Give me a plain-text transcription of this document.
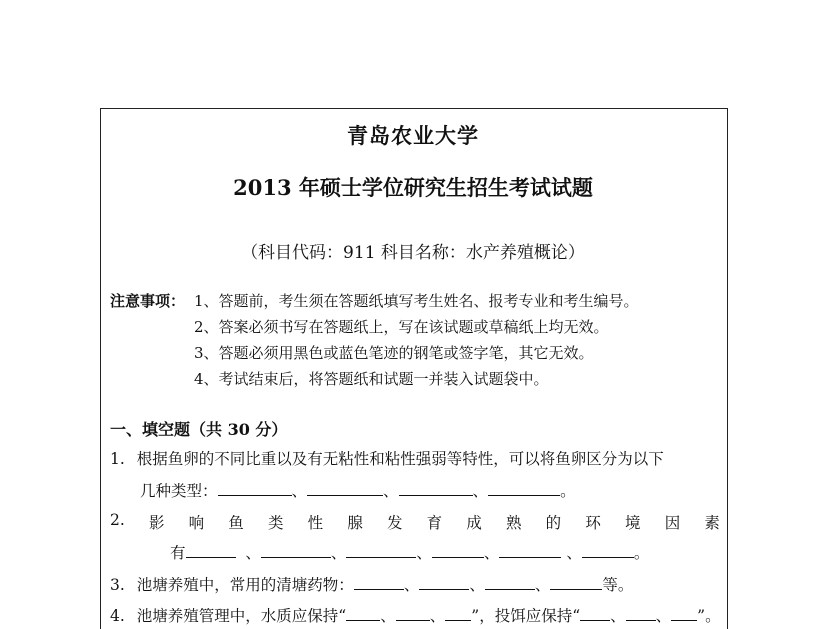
青岛农业大学
2013 年硕士学位研究生招生考试试题
（科目代码：911 科目名称：水产养殖概论）
注意事项： 1、答题前，考生须在答题纸填写考生姓名、报考专业和考生编号。
2、答案必须书写在答题纸上，写在该试题或草稿纸上均无效。
3、答题必须用黑色或蓝色笔迹的钢笔或签字笔，其它无效。
4、考试结束后，将答题纸和试题一并装入试题袋中。
一、填空题（共 30 分）
1. 根据鱼卵的不同比重以及有无粘性和粘性强弱等特性，可以将鱼卵区分为以下
几种类型：	、	、	、	。
2. 影 响 鱼 类 性 腺 发 育 成 熟 的 环 境 因 素
有	、	、	、	、	、	。
3. 池塘养殖中，常用的清塘药物：	、	、	、	等。
4. 池塘养殖管理中，水质应保持“ 、 、 ”，投饵应保持“ 、 、 ”。
